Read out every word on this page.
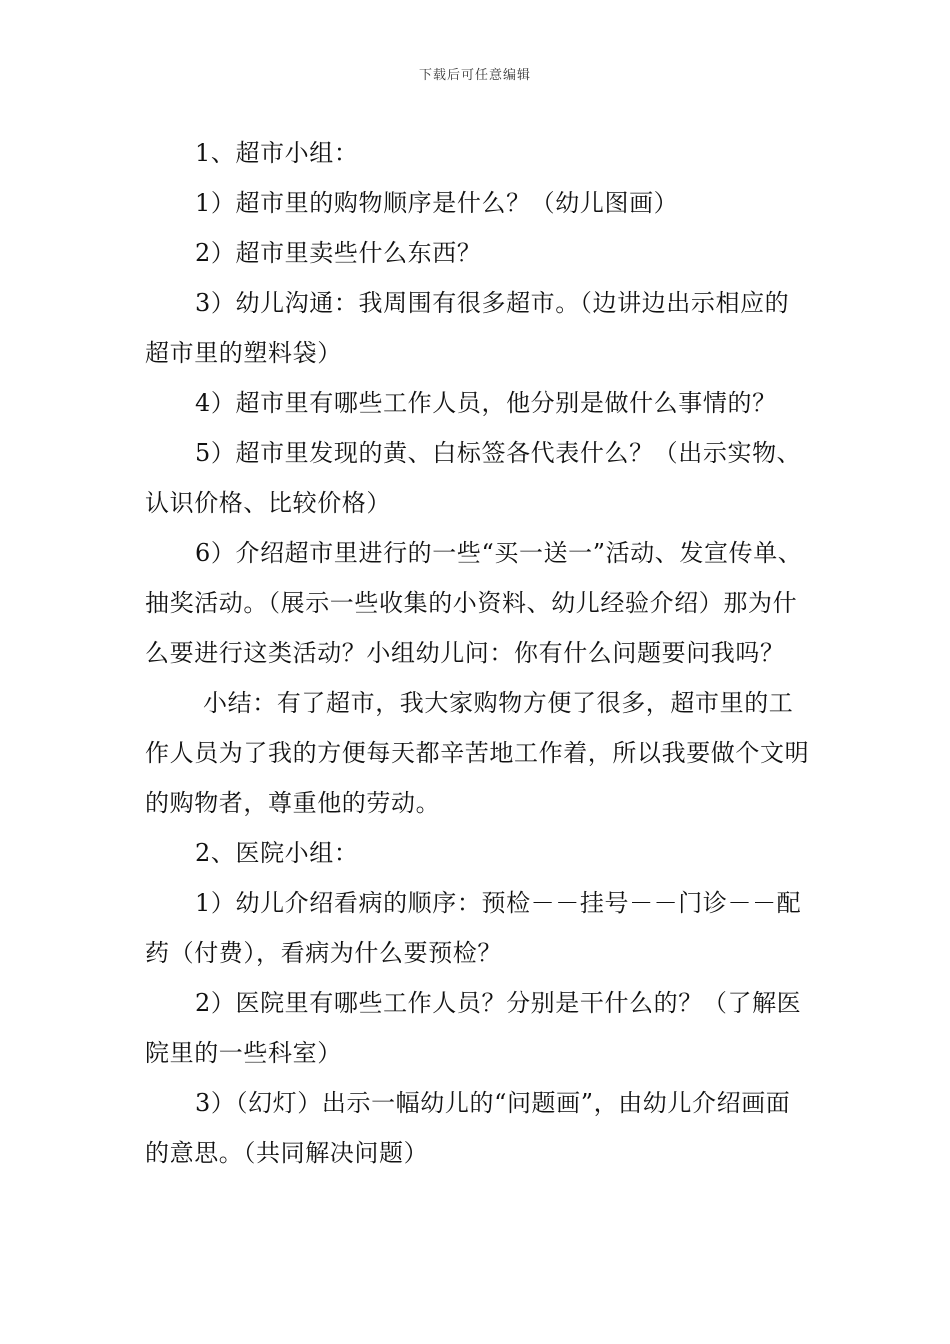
下载后可任意编辑

1、超市小组：

1）超市里的购物顺序是什么？（幼儿图画）

2）超市里卖些什么东西？

3）幼儿沟通：我周围有很多超市。（边讲边出示相应的超市里的塑料袋）

4）超市里有哪些工作人员，他分别是做什么事情的？

5）超市里发现的黄、白标签各代表什么？（出示实物、认识价格、比较价格）

6）介绍超市里进行的一些“买一送一”活动、发宣传单、抽奖活动。（展示一些收集的小资料、幼儿经验介绍）那为什么要进行这类活动？小组幼儿问：你有什么问题要问我吗？

小结：有了超市，我大家购物方便了很多，超市里的工作人员为了我的方便每天都辛苦地工作着，所以我要做个文明的购物者，尊重他的劳动。

2、医院小组：

1）幼儿介绍看病的顺序：预检－－挂号－－门诊－－配药（付费），看病为什么要预检？

2）医院里有哪些工作人员？分别是干什么的？（了解医院里的一些科室）

3）（幻灯）出示一幅幼儿的“问题画”，由幼儿介绍画面的意思。（共同解决问题）
